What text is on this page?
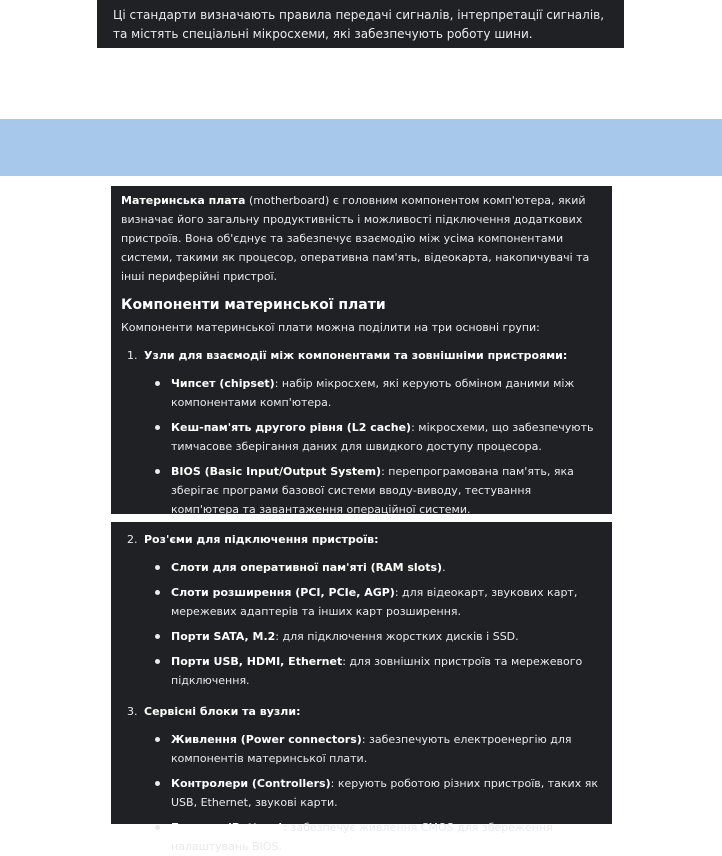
Ці стандарти визначають правила передачі сигналів, інтерпретації сигналів, та містять спеціальні мікросхеми, які забезпечують роботу шини.

Материнська плата (motherboard) є головним компонентом комп'ютера, який визначає його загальну продуктивність і можливості підключення додаткових пристроїв. Вона об'єднує та забезпечує взаємодію між усіма компонентами системи, такими як процесор, оперативна пам'ять, відеокарта, накопичувачі та інші периферійні пристрої.

Компоненти материнської плати

Компоненти материнської плати можна поділити на три основні групи:

1. Узли для взаємодії між компонентами та зовнішніми пристроями:
Чипсет (chipset): набір мікросхем, які керують обміном даними між компонентами комп'ютера.
Кеш-пам'ять другого рівня (L2 cache): мікросхеми, що забезпечують тимчасове зберігання даних для швидкого доступу процесора.
BIOS (Basic Input/Output System): перепрограмована пам'ять, яка зберігає програми базової системи вводу-виводу, тестування комп'ютера та завантаження операційної системи.
2. Роз'єми для підключення пристроїв:
Слоти для оперативної пам'яті (RAM slots).
Слоти розширення (PCI, PCIe, AGP): для відеокарт, звукових карт, мережевих адаптерів та інших карт розширення.
Порти SATA, M.2: для підключення жорстких дисків і SSD.
Порти USB, HDMI, Ethernet: для зовнішніх пристроїв та мережевого підключення.
3. Сервісні блоки та вузли:
Живлення (Power connectors): забезпечують електроенергію для компонентів материнської плати.
Контролери (Controllers): керують роботою різних пристроїв, таких як USB, Ethernet, звукові карти.
Батарея (Battery): забезпечує живлення CMOS для збереження налаштувань BIOS.
